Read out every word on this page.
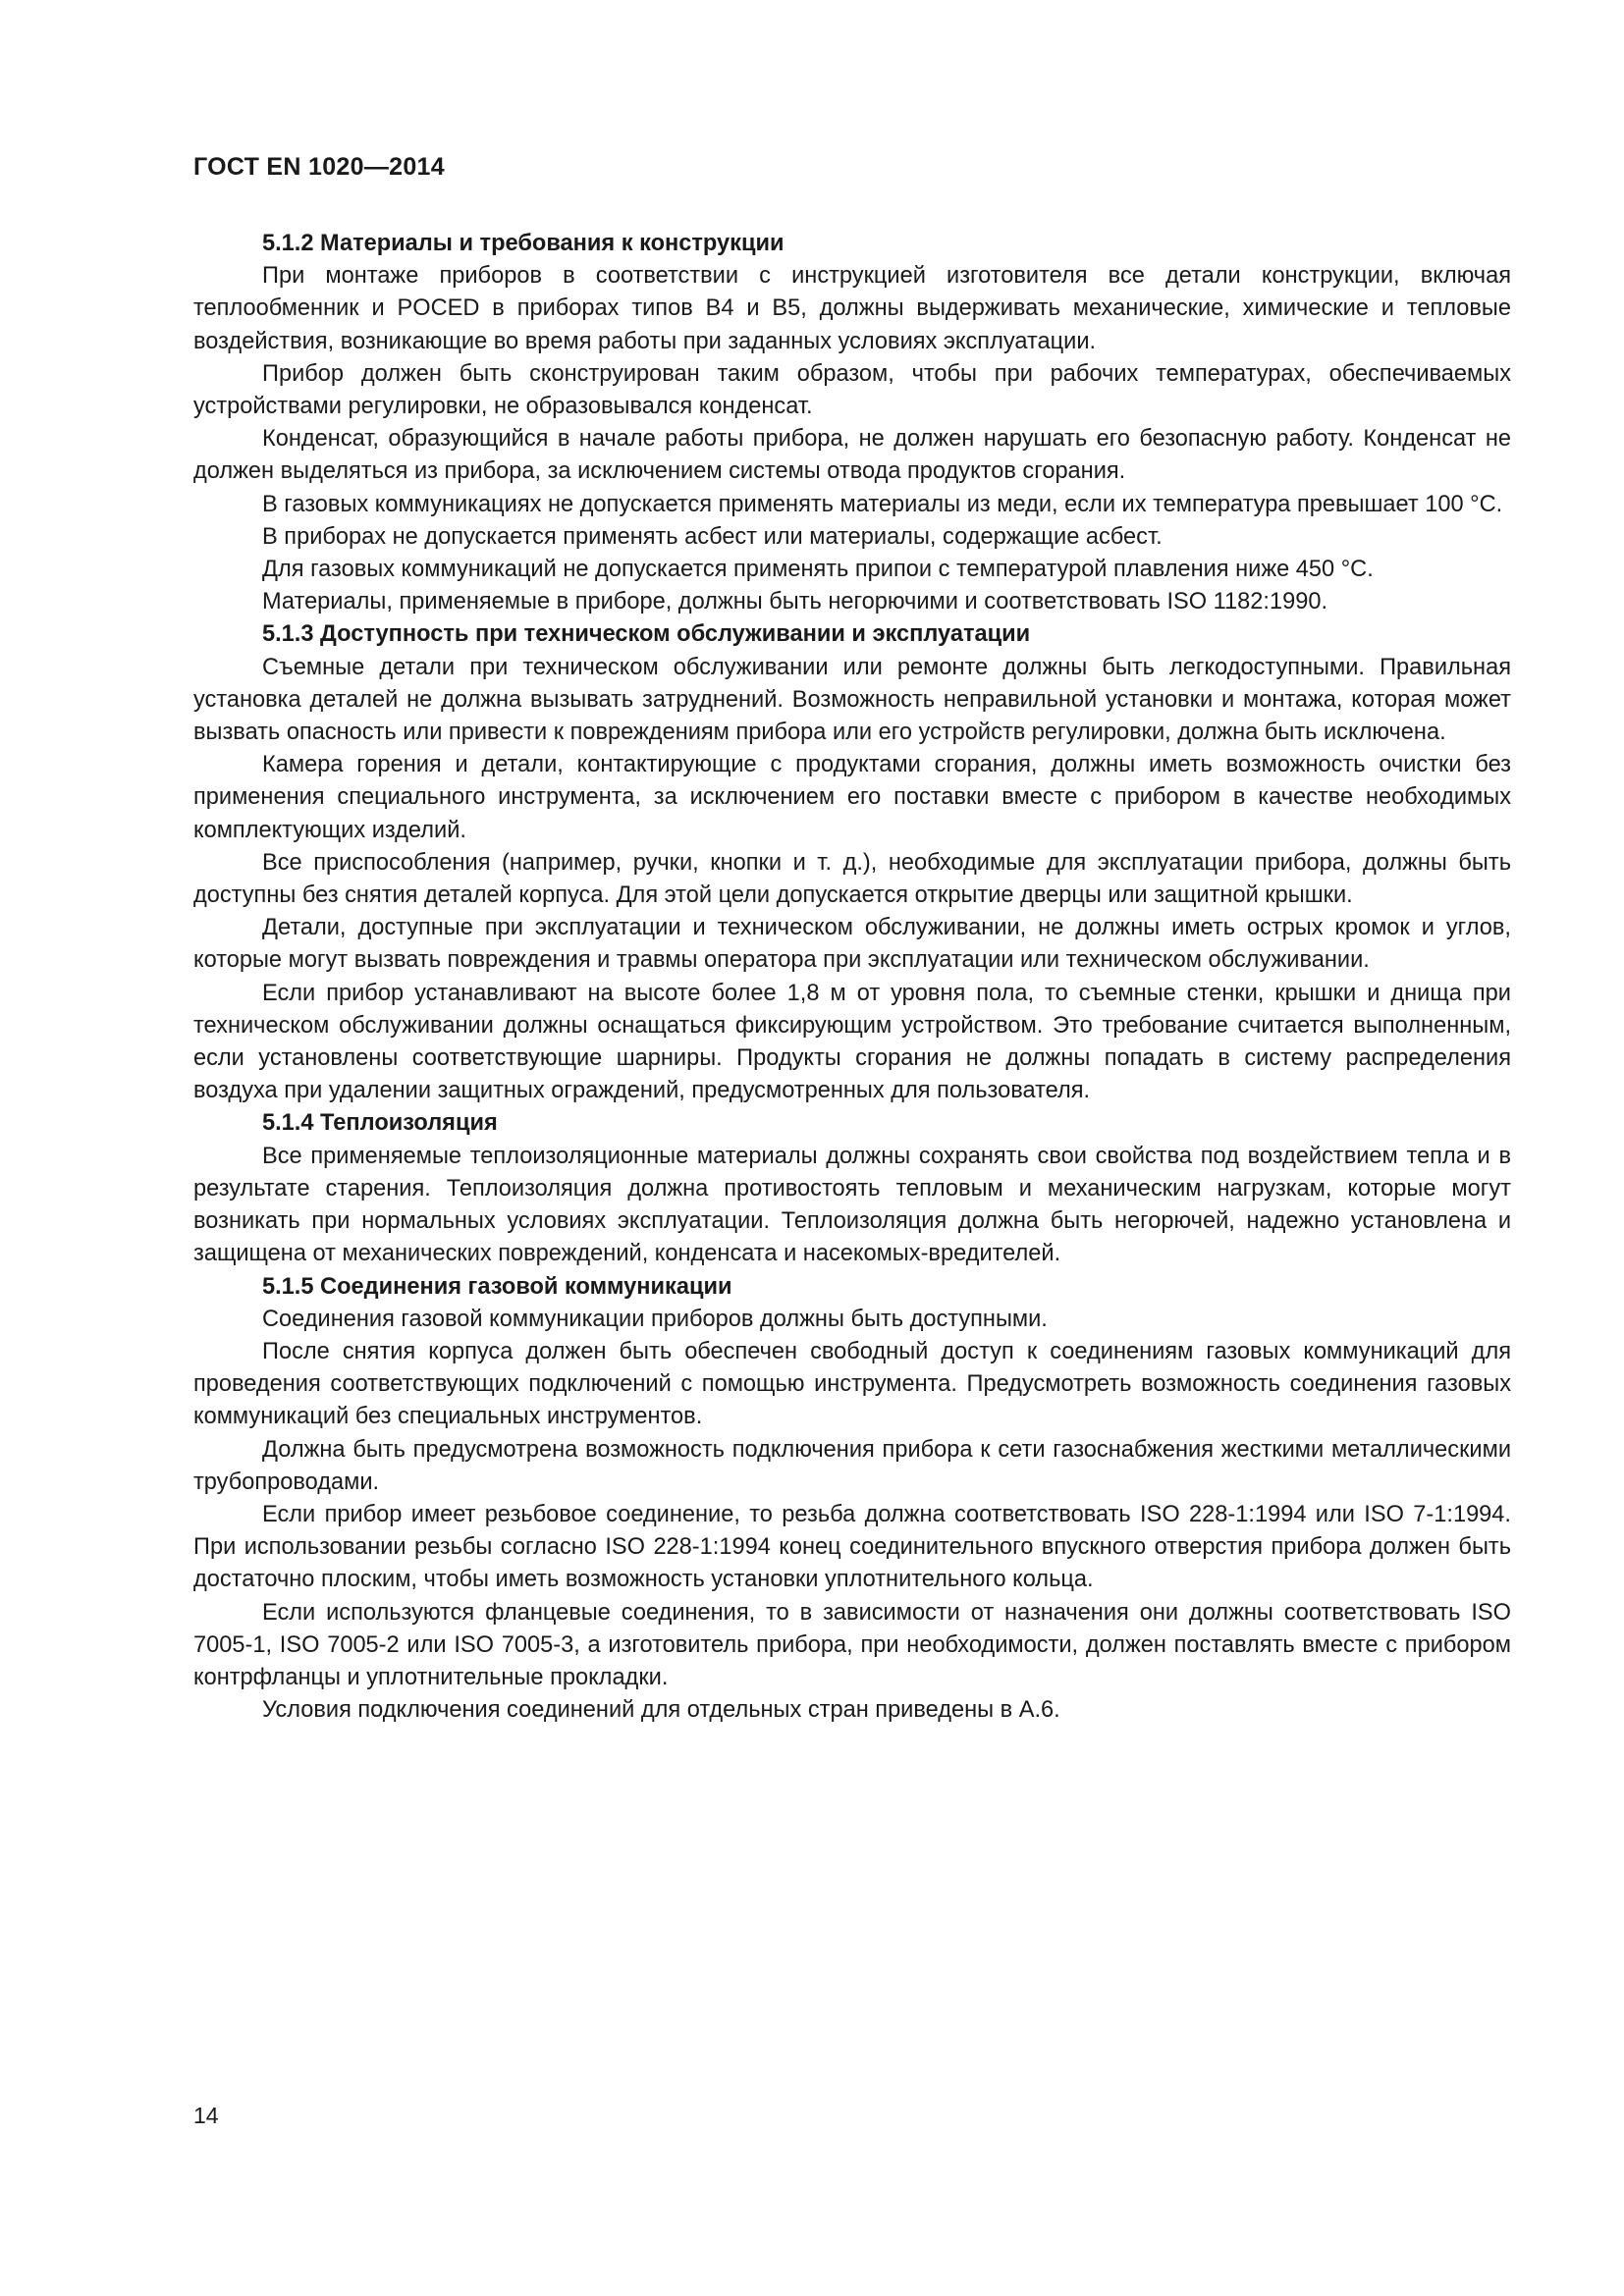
ГОСТ EN 1020—2014
5.1.2 Материалы и требования к конструкции

При монтаже приборов в соответствии с инструкцией изготовителя все детали конструкции, включая теплообменник и POCED в приборах типов B4 и B5, должны выдерживать механические, химические и тепловые воздействия, возникающие во время работы при заданных условиях эксплуатации.

Прибор должен быть сконструирован таким образом, чтобы при рабочих температурах, обеспечиваемых устройствами регулировки, не образовывался конденсат.

Конденсат, образующийся в начале работы прибора, не должен нарушать его безопасную работу. Конденсат не должен выделяться из прибора, за исключением системы отвода продуктов сгорания.

В газовых коммуникациях не допускается применять материалы из меди, если их температура превышает 100 °С.

В приборах не допускается применять асбест или материалы, содержащие асбест.

Для газовых коммуникаций не допускается применять припои с температурой плавления ниже 450 °С.

Материалы, применяемые в приборе, должны быть негорючими и соответствовать ISO 1182:1990.

5.1.3 Доступность при техническом обслуживании и эксплуатации

Съемные детали при техническом обслуживании или ремонте должны быть легкодоступными. Правильная установка деталей не должна вызывать затруднений. Возможность неправильной установки и монтажа, которая может вызвать опасность или привести к повреждениям прибора или его устройств регулировки, должна быть исключена.

Камера горения и детали, контактирующие с продуктами сгорания, должны иметь возможность очистки без применения специального инструмента, за исключением его поставки вместе с прибором в качестве необходимых комплектующих изделий.

Все приспособления (например, ручки, кнопки и т. д.), необходимые для эксплуатации прибора, должны быть доступны без снятия деталей корпуса. Для этой цели допускается открытие дверцы или защитной крышки.

Детали, доступные при эксплуатации и техническом обслуживании, не должны иметь острых кромок и углов, которые могут вызвать повреждения и травмы оператора при эксплуатации или техническом обслуживании.

Если прибор устанавливают на высоте более 1,8 м от уровня пола, то съемные стенки, крышки и днища при техническом обслуживании должны оснащаться фиксирующим устройством. Это требование считается выполненным, если установлены соответствующие шарниры. Продукты сгорания не должны попадать в систему распределения воздуха при удалении защитных ограждений, предусмотренных для пользователя.

5.1.4 Теплоизоляция

Все применяемые теплоизоляционные материалы должны сохранять свои свойства под воздействием тепла и в результате старения. Теплоизоляция должна противостоять тепловым и механическим нагрузкам, которые могут возникать при нормальных условиях эксплуатации. Теплоизоляция должна быть негорючей, надежно установлена и защищена от механических повреждений, конденсата и насекомых-вредителей.

5.1.5 Соединения газовой коммуникации

Соединения газовой коммуникации приборов должны быть доступными.

После снятия корпуса должен быть обеспечен свободный доступ к соединениям газовых коммуникаций для проведения соответствующих подключений с помощью инструмента. Предусмотреть возможность соединения газовых коммуникаций без специальных инструментов.

Должна быть предусмотрена возможность подключения прибора к сети газоснабжения жесткими металлическими трубопроводами.

Если прибор имеет резьбовое соединение, то резьба должна соответствовать ISO 228-1:1994 или ISO 7-1:1994. При использовании резьбы согласно ISO 228-1:1994 конец соединительного впускного отверстия прибора должен быть достаточно плоским, чтобы иметь возможность установки уплотнительного кольца.

Если используются фланцевые соединения, то в зависимости от назначения они должны соответствовать ISO 7005-1, ISO 7005-2 или ISO 7005-3, а изготовитель прибора, при необходимости, должен поставлять вместе с прибором контрфланцы и уплотнительные прокладки.

Условия подключения соединений для отдельных стран приведены в А.6.

14
